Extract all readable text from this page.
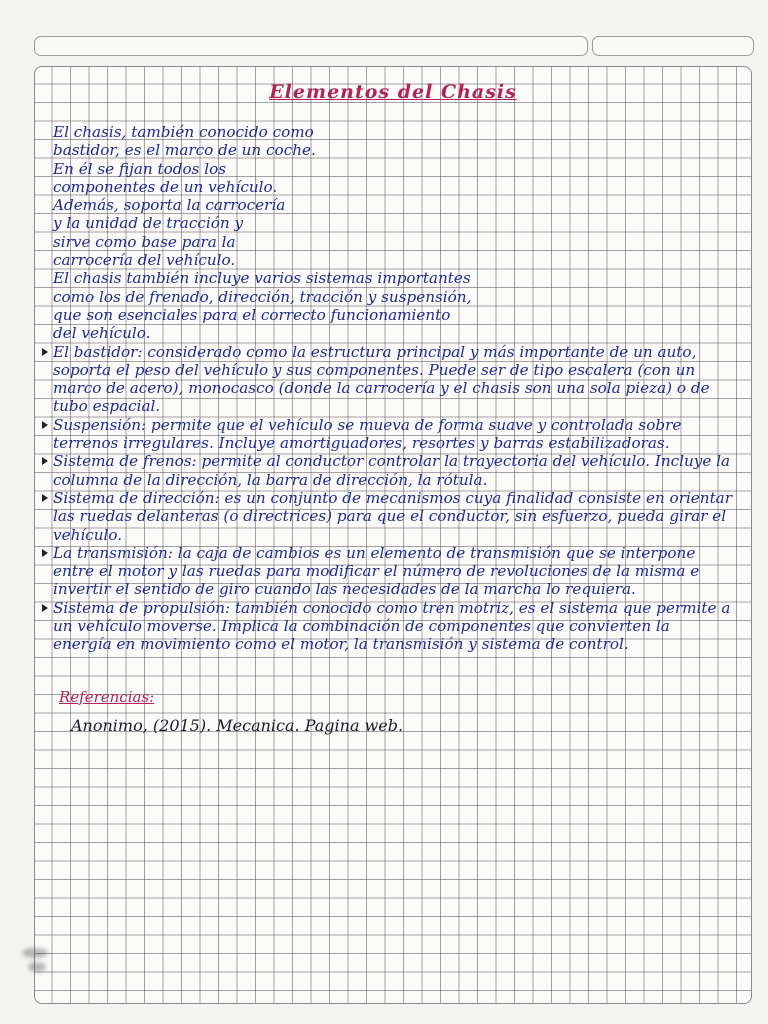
Elementos del Chasis

El chasis, también conocido como
bastidor, es el marco de un coche.
En él se fijan todos los
componentes de un vehículo.
Además, soporta la carrocería
y la unidad de tracción y
sirve como base para la
carrocería del vehículo.
El chasis también incluye varios sistemas importantes
como los de frenado, dirección, tracción y suspensión,
que son esenciales para el correcto funcionamiento
del vehículo.

El bastidor: considerado como la estructura principal y más importante de un auto, soporta el peso del vehículo y sus componentes. Puede ser de tipo escalera (con un marco de acero), monocasco (donde la carrocería y el chasis son una sola pieza) o de tubo espacial.
Suspensión: permite que el vehículo se mueva de forma suave y controlada sobre terrenos irregulares. Incluye amortiguadores, resortes y barras estabilizadoras.
Sistema de frenos: permite al conductor controlar la trayectoria del vehículo. Incluye la columna de la dirección, la barra de dirección, la rótula.
Sistema de dirección: es un conjunto de mecanismos cuya finalidad consiste en orientar las ruedas delanteras (o directrices) para que el conductor, sin esfuerzo, pueda girar el vehículo.
La transmisión: la caja de cambios es un elemento de transmisión que se interpone entre el motor y las ruedas para modificar el número de revoluciones de la misma e invertir el sentido de giro cuando las necesidades de la marcha lo requiera.
Sistema de propulsión: también conocido como tren motriz, es el sistema que permite a un vehículo moverse. Implica la combinación de componentes que convierten la energía en movimiento como el motor, la transmisión y sistema de control.
Referencias:
Anonimo, (2015). Mecanica. Pagina web.
